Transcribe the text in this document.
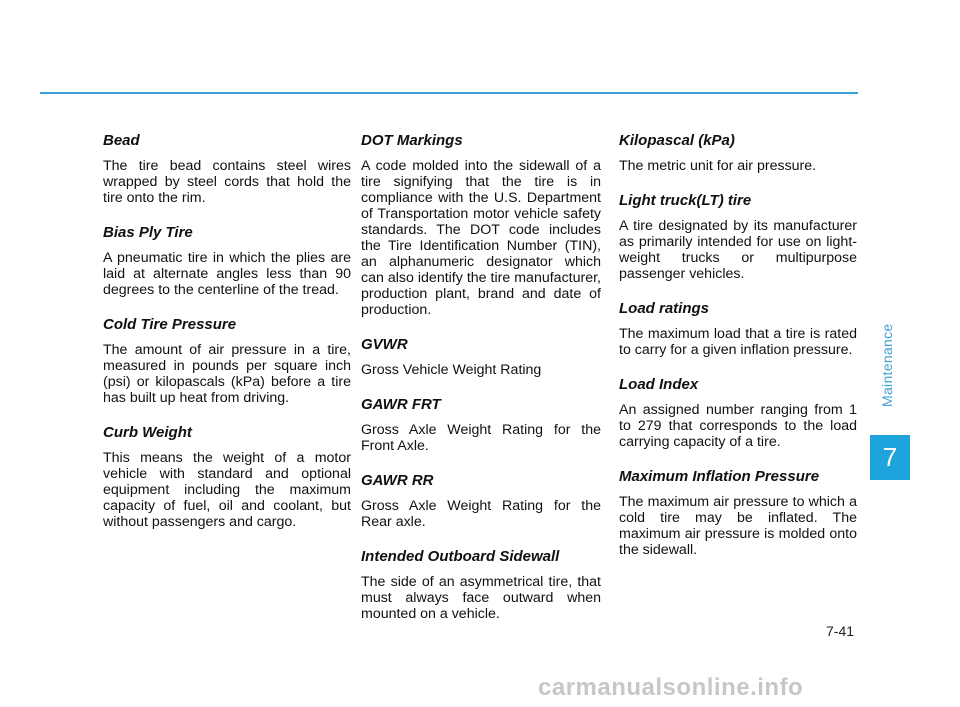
Bead

The tire bead contains steel wires wrapped by steel cords that hold the tire onto the rim.

Bias Ply Tire

A pneumatic tire in which the plies are laid at alternate angles less than 90 degrees to the centerline of the tread.

Cold Tire Pressure

The amount of air pressure in a tire, measured in pounds per square inch (psi) or kilopascals (kPa) before a tire has built up heat from driving.

Curb Weight

This means the weight of a motor vehicle with standard and optional equipment including the maximum capacity of fuel, oil and coolant, but without passengers and cargo.

DOT Markings

A code molded into the sidewall of a tire signifying that the tire is in compliance with the U.S. Department of Transportation motor vehicle safety standards. The DOT code includes the Tire Identification Number (TIN), an alphanumeric designator which can also identify the tire manufacturer, production plant, brand and date of production.

GVWR

Gross Vehicle Weight Rating

GAWR FRT

Gross Axle Weight Rating for the Front Axle.

GAWR RR

Gross Axle Weight Rating for the Rear axle.

Intended Outboard Sidewall

The side of an asymmetrical tire, that must always face outward when mounted on a vehicle.

Kilopascal (kPa)

The metric unit for air pressure.

Light truck(LT) tire

A tire designated by its manufacturer as primarily intended for use on light-weight trucks or multipurpose passenger vehicles.

Load ratings

The maximum load that a tire is rated to carry for a given inflation pressure.

Load Index

An assigned number ranging from 1 to 279 that corresponds to the load carrying capacity of a tire.

Maximum Inflation Pressure

The maximum air pressure to which a cold tire may be inflated. The maximum air pressure is molded onto the sidewall.

Maintenance
7
7-41
carmanualsonline.info
